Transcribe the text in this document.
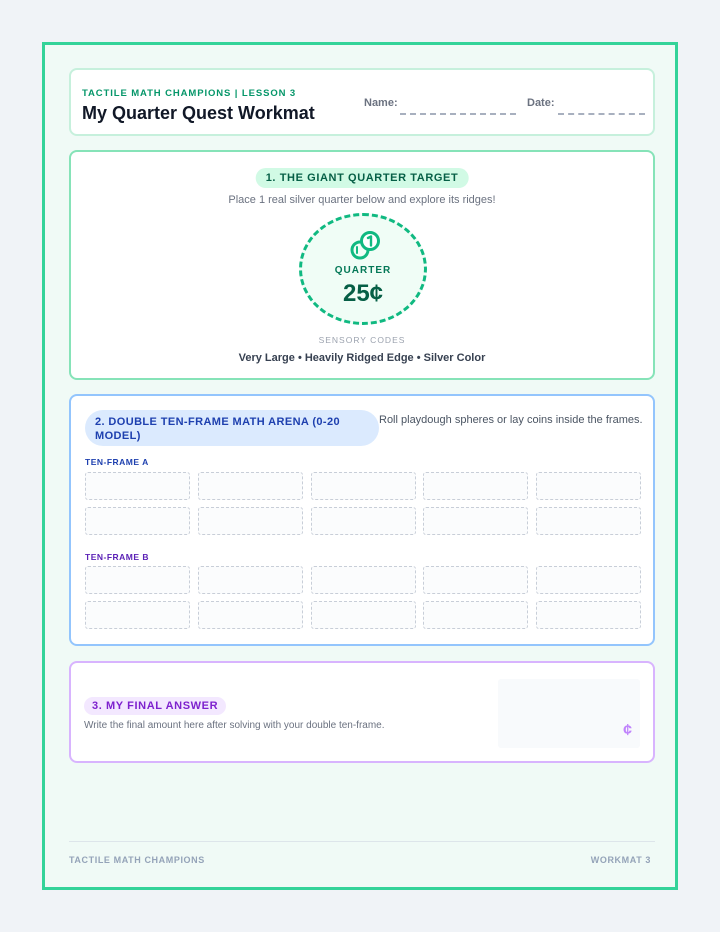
TACTILE MATH CHAMPIONS | LESSON 3
My Quarter Quest Workmat	Name:	Date:
1. THE GIANT QUARTER TARGET
Place 1 real silver quarter below and explore its ridges!
QUARTER
25¢
SENSORY CODES
Very Large • Heavily Ridged Edge • Silver Color
2. DOUBLE TEN-FRAME MATH ARENA (0-20 MODEL)
Roll playdough spheres or lay coins inside the frames.
TEN-FRAME A
TEN-FRAME B
3. MY FINAL ANSWER
Write the final amount here after solving with your double ten-frame.	¢
TACTILE MATH CHAMPIONS	WORKMAT 3
